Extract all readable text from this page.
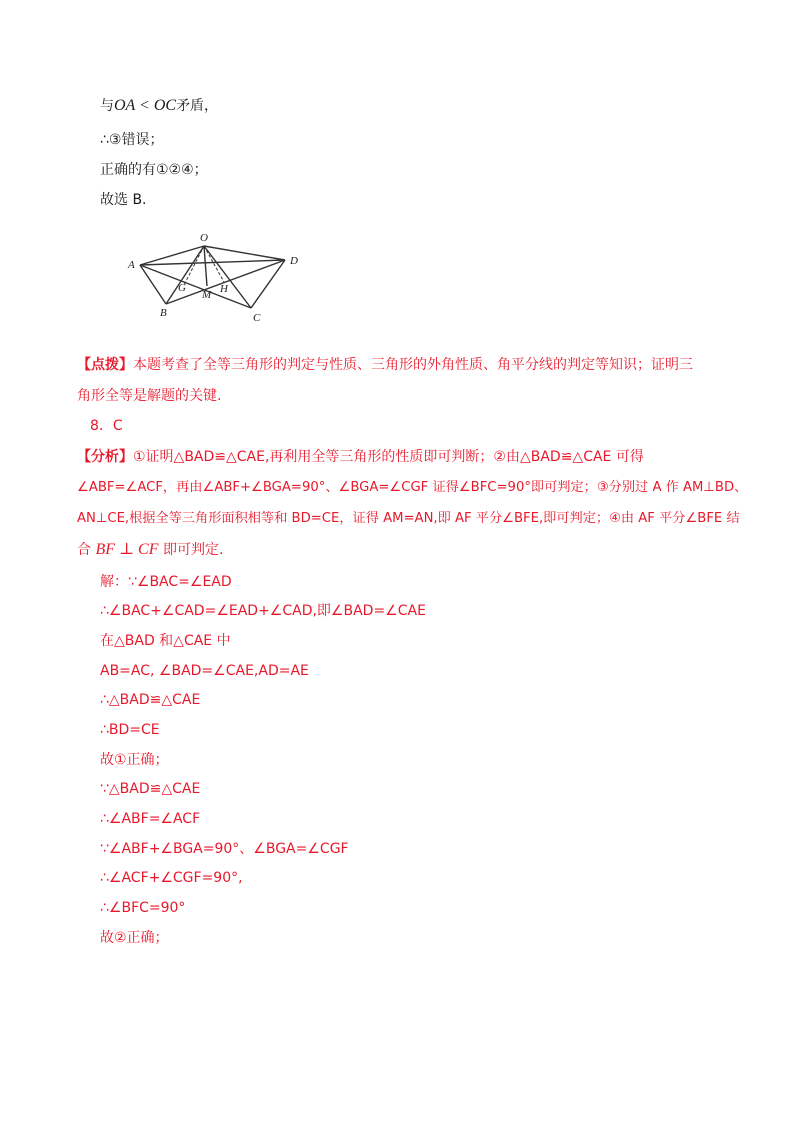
与OA < OC矛盾，
∴③错误；
正确的有①②④；
故选 B.
O
A	D
G
M H
B	C
【点拨】本题考查了全等三角形的判定与性质、三角形的外角性质、角平分线的判定等知识；证明三
角形全等是解题的关键.
8．C
【分析】①证明△BAD≌△CAE,再利用全等三角形的性质即可判断；②由△BAD≌△CAE 可得
∠ABF=∠ACF，再由∠ABF+∠BGA=90°、∠BGA=∠CGF 证得∠BFC=90°即可判定；③分别过 A 作 AM⊥BD、
AN⊥CE,根据全等三角形面积相等和 BD=CE，证得 AM=AN,即 AF 平分∠BFE,即可判定；④由 AF 平分∠BFE 结
合 BF ⊥ CF 即可判定.
解：∵∠BAC=∠EAD
∴∠BAC+∠CAD=∠EAD+∠CAD,即∠BAD=∠CAE
在△BAD 和△CAE 中
AB=AC, ∠BAD=∠CAE,AD=AE
∴△BAD≌△CAE
∴BD=CE
故①正确；
∵△BAD≌△CAE
∴∠ABF=∠ACF
∵∠ABF+∠BGA=90°、∠BGA=∠CGF
∴∠ACF+∠CGF=90°,
∴∠BFC=90°
故②正确；
